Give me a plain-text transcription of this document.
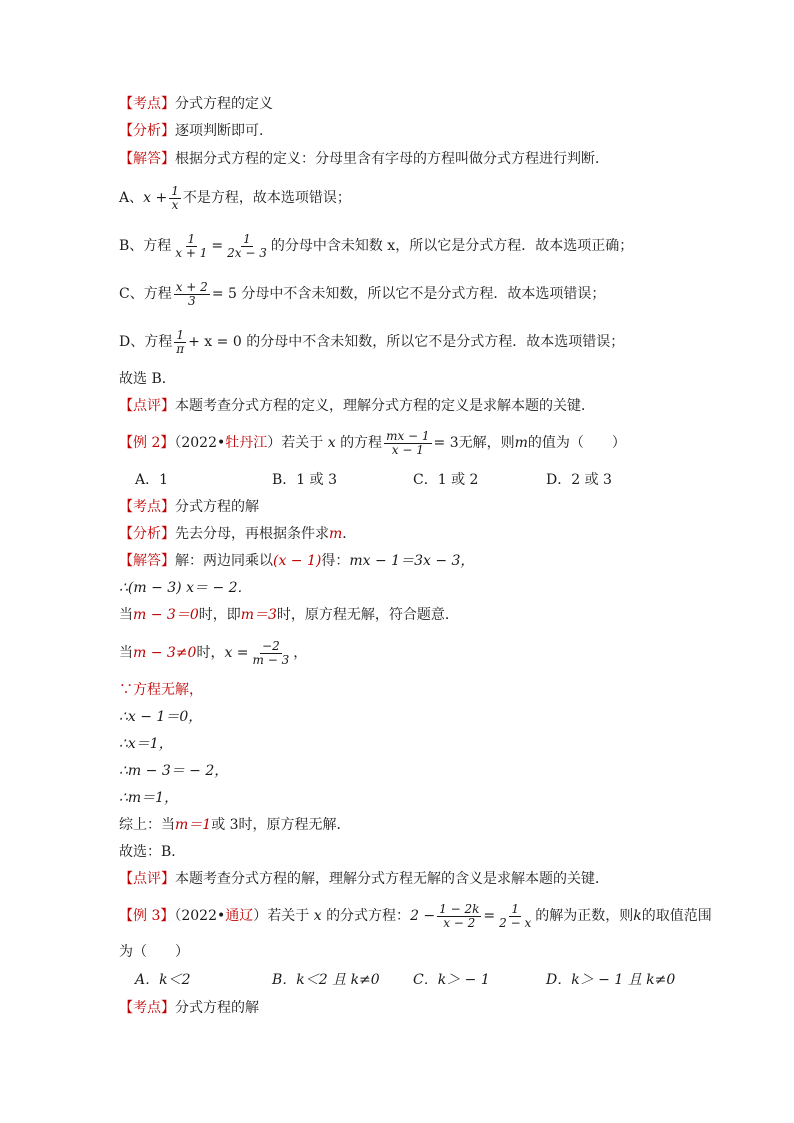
【考点】分式方程的定义
【分析】逐项判断即可.
【解答】根据分式方程的定义：分母里含有字母的方程叫做分式方程进行判断．
A、$x + \frac{1}{x}$ 不是方程，故本选项错误；
B、方程 $\frac{1}{x + 1} = \frac{1}{2x - 3}$ 的分母中含未知数 x，所以它是分式方程．故本选项正确；
C、方程 $\frac{x + 2}{3} = 5$ 分母中不含未知数，所以它不是分式方程．故本选项错误；
D、方程 $\frac{1}{\pi} + x = 0$ 的分母中不含未知数，所以它不是分式方程．故本选项错误；
故选 B．
【点评】本题考查分式方程的定义，理解分式方程的定义是求解本题的关键．
【例 2】（2022•牡丹江）若关于 x 的方程 $\frac{mx - 1}{x - 1} = 3$无解，则m的值为（　　）
A．1	B．1 或 3	C．1 或 2	D．2 或 3
【考点】分式方程的解
【分析】先去分母，再根据条件求m．
【解答】解：两边同乘以(x − 1)得：mx − 1＝3x − 3，
∴(m − 3) x＝ − 2．
当m − 3＝0时，即m＝3时，原方程无解，符合题意．
当m − 3≠0时，$x = \frac{-2}{m - 3}$ ，
∵方程无解，
∴x − 1＝0，
∴x＝1，
∴m − 3＝ − 2，
∴m＝1，
综上：当m＝1或 3时，原方程无解．
故选：B．
【点评】本题考查分式方程的解，理解分式方程无解的含义是求解本题的关键．
【例 3】（2022•通辽）若关于 x 的分式方程：$2 - \frac{1 - 2k}{x - 2} = \frac{1}{2 - x}$ 的解为正数，则k的取值范围
为（　　）
A．k＜2	B．k＜2 且 k≠0 C．k＞ − 1	D．k＞ − 1 且 k≠0
【考点】分式方程的解
